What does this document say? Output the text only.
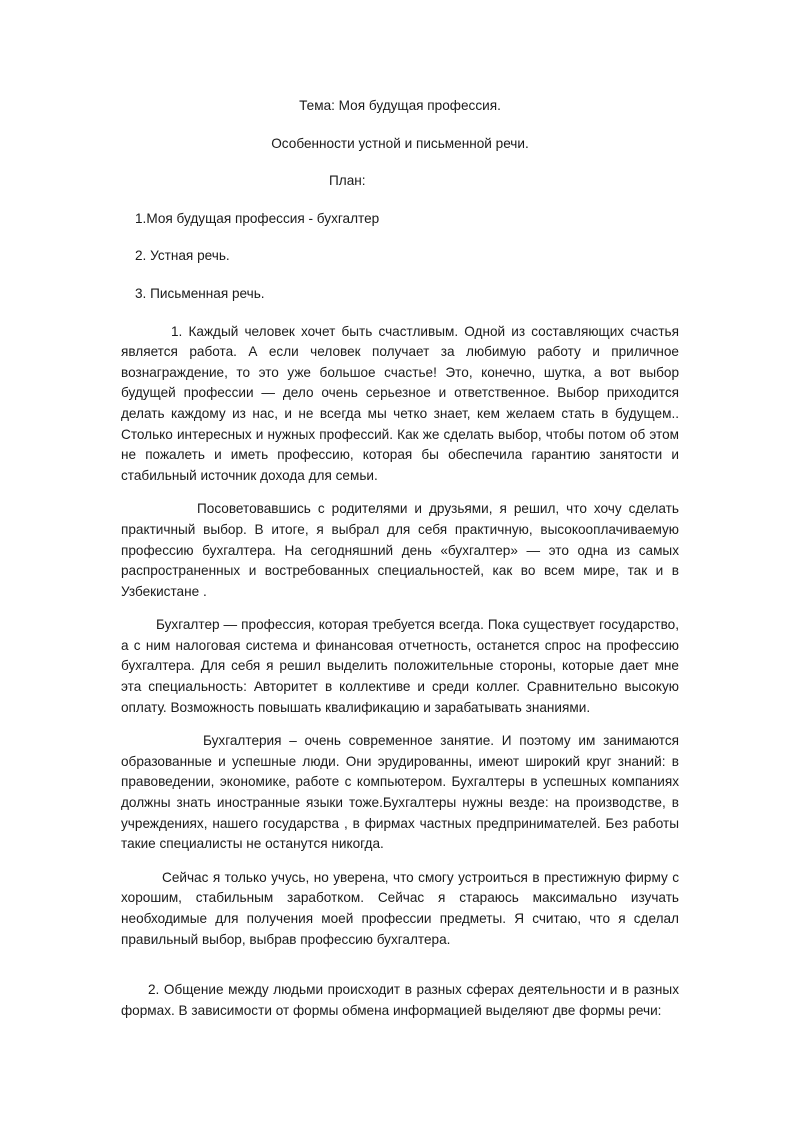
Тема: Моя будущая профессия.

Особенности устной и письменной речи.

План:

1.Моя будущая профессия - бухгалтер

2. Устная речь.

3. Письменная речь.

1. Каждый человек хочет быть счастливым. Одной из составляющих счастья является работа. А если человек получает за любимую работу и приличное вознаграждение, то это уже большое счастье! Это, конечно, шутка, а вот выбор будущей профессии — дело очень серьезное и ответственное. Выбор приходится делать каждому из нас, и не всегда мы четко знает, кем желаем стать в будущем.. Столько интересных и нужных профессий. Как же сделать выбор, чтобы потом об этом не пожалеть и иметь профессию, которая бы обеспечила гарантию занятости и стабильный источник дохода для семьи.

Посоветовавшись с родителями и друзьями, я решил, что хочу сделать практичный выбор. В итоге, я выбрал для себя практичную, высокооплачиваемую профессию бухгалтера. На сегодняшний день «бухгалтер» — это одна из самых распространенных и востребованных специальностей, как во всем мире, так и в Узбекистане .

Бухгалтер — профессия, которая требуется всегда. Пока существует государство, а с ним налоговая система и финансовая отчетность, останется спрос на профессию бухгалтера. Для себя я решил выделить положительные стороны, которые дает мне эта специальность: Авторитет в коллективе и среди коллег. Сравнительно высокую оплату. Возможность повышать квалификацию и зарабатывать знаниями.

Бухгалтерия – очень современное занятие. И поэтому им занимаются образованные и успешные люди. Они эрудированны, имеют широкий круг знаний: в правоведении, экономике, работе с компьютером. Бухгалтеры в успешных компаниях должны знать иностранные языки тоже.Бухгалтеры нужны везде: на производстве, в учреждениях, нашего государства , в фирмах частных предпринимателей. Без работы такие специалисты не останутся никогда.

Сейчас я только учусь, но уверена, что смогу устроиться в престижную фирму с хорошим, стабильным заработком. Сейчас я стараюсь максимально изучать необходимые для получения моей профессии предметы. Я считаю, что я сделал правильный выбор, выбрав профессию бухгалтера.

2. Общение между людьми происходит в разных сферах деятельности и в разных формах. В зависимости от формы обмена информацией выделяют две формы речи:
